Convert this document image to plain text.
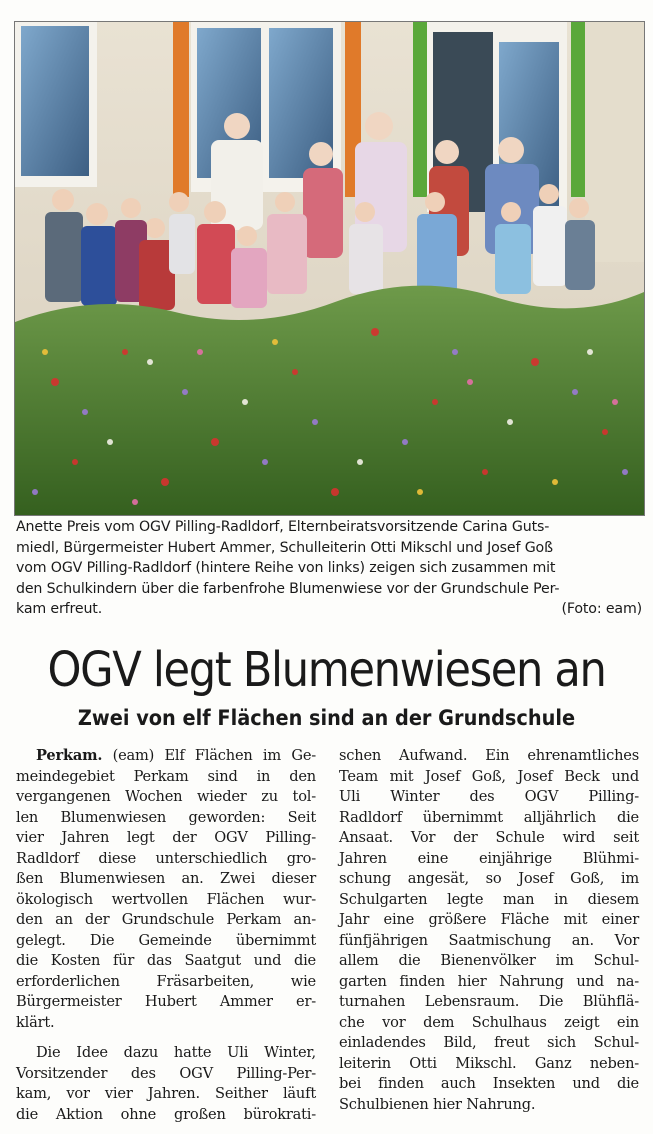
Anette Preis vom OGV Pilling-Radldorf, Elternbeiratsvorsitzende Carina Guts-
miedl, Bürgermeister Hubert Ammer, Schulleiterin Otti Mikschl und Josef Goß
vom OGV Pilling-Radldorf (hintere Reihe von links) zeigen sich zusammen mit
den Schulkindern über die farbenfrohe Blumenwiese vor der Grundschule Per-
kam erfreut.	(Foto: eam)
OGV legt Blumenwiesen an
Zwei von elf Flächen sind an der Grundschule
Perkam. (eam) Elf Flächen im Ge-
meindegebiet Perkam sind in den
vergangenen Wochen wieder zu tol-
len Blumenwiesen geworden: Seit
vier Jahren legt der OGV Pilling-
Radldorf diese unterschiedlich gro-
ßen Blumenwiesen an. Zwei dieser
ökologisch wertvollen Flächen wur-
den an der Grundschule Perkam an-
gelegt. Die Gemeinde übernimmt
die Kosten für das Saatgut und die
erforderlichen Fräsarbeiten, wie
Bürgermeister Hubert Ammer er-
klärt.
Die Idee dazu hatte Uli Winter,
Vorsitzender des OGV Pilling-Per-
kam, vor vier Jahren. Seither läuft
die Aktion ohne großen bürokrati-
schen Aufwand. Ein ehrenamtliches
Team mit Josef Goß, Josef Beck und
Uli Winter des OGV Pilling-
Radldorf übernimmt alljährlich die
Ansaat. Vor der Schule wird seit
Jahren eine einjährige Blühmi-
schung angesät, so Josef Goß, im
Schulgarten legte man in diesem
Jahr eine größere Fläche mit einer
fünfjährigen Saatmischung an. Vor
allem die Bienenvölker im Schul-
garten finden hier Nahrung und na-
turnahen Lebensraum. Die Blühflä-
che vor dem Schulhaus zeigt ein
einladendes Bild, freut sich Schul-
leiterin Otti Mikschl. Ganz neben-
bei finden auch Insekten und die
Schulbienen hier Nahrung.
